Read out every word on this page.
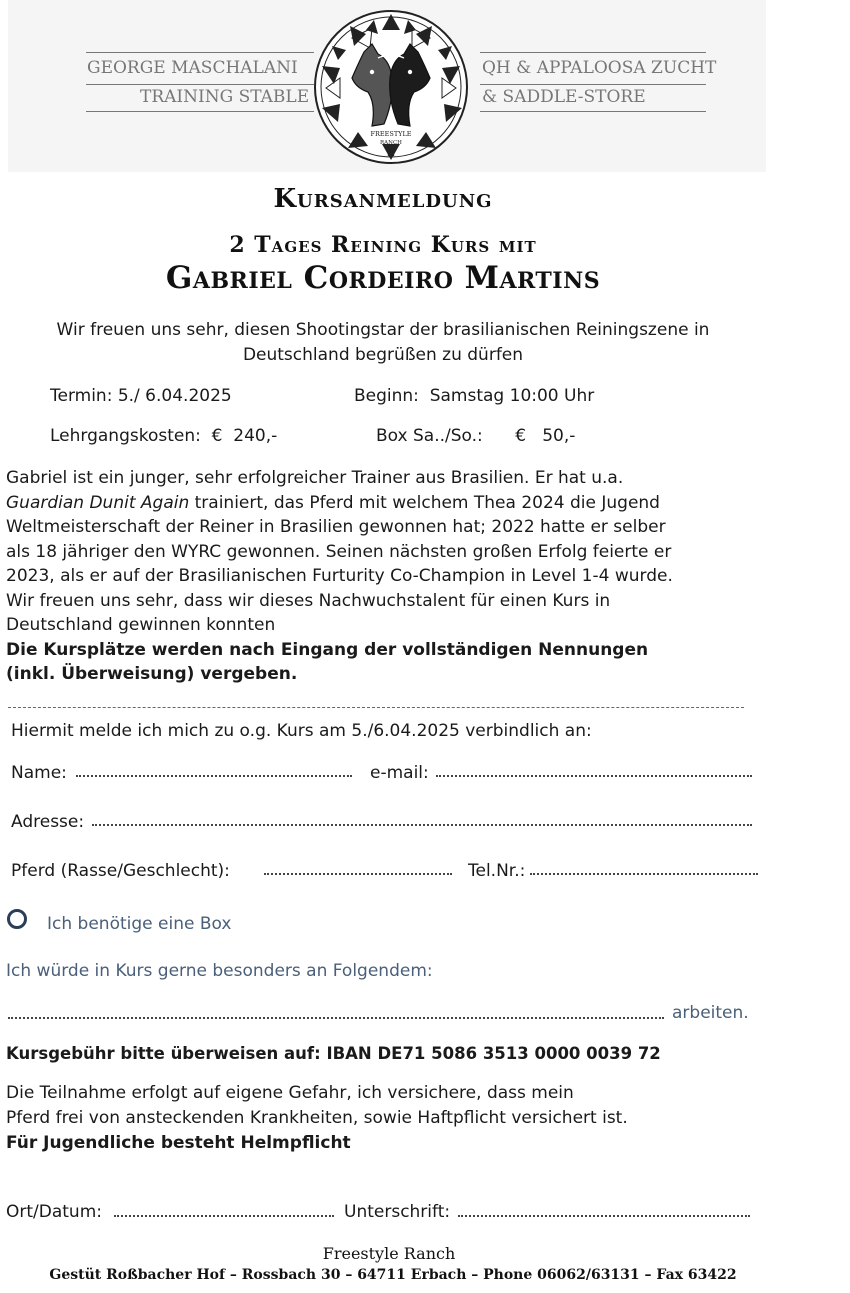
GEORGE MASCHALANI
TRAINING STABLE
QH & APPALOOSA ZUCHT
& SADDLE-STORE
FREESTYLE
RANCH
Ω
Kursanmeldung
2 Tages Reining Kurs mit
Gabriel Cordeiro Martins
Wir freuen uns sehr, diesen Shootingstar der brasilianischen Reiningszene in
Deutschland begrüßen zu dürfen
Termin: 5./ 6.04.2025	Beginn:  Samstag 10:00 Uhr
Lehrgangskosten:  €  240,-	Box Sa../So.:      €   50,-
Gabriel ist ein junger, sehr erfolgreicher Trainer aus Brasilien. Er hat u.a.
Guardian Dunit Again trainiert, das Pferd mit welchem Thea 2024 die Jugend
Weltmeisterschaft der Reiner in Brasilien gewonnen hat; 2022 hatte er selber
als 18 jähriger den WYRC gewonnen. Seinen nächsten großen Erfolg feierte er
2023, als er auf der Brasilianischen Furturity Co-Champion in Level 1-4 wurde.
Wir freuen uns sehr, dass wir dieses Nachwuchstalent für einen Kurs in
Deutschland gewinnen konnten
Die Kursplätze werden nach Eingang der vollständigen Nennungen
(inkl. Überweisung) vergeben.
Hiermit melde ich mich zu o.g. Kurs am 5./6.04.2025 verbindlich an:
Name:	e-mail:
Adresse:
Pferd (Rasse/Geschlecht):	Tel.Nr.:
Ich benötige eine Box
Ich würde in Kurs gerne besonders an Folgendem:
arbeiten.
Kursgebühr bitte überweisen auf: IBAN DE71 5086 3513 0000 0039 72
Die Teilnahme erfolgt auf eigene Gefahr, ich versichere, dass mein
Pferd frei von ansteckenden Krankheiten, sowie Haftpflicht versichert ist.
Für Jugendliche besteht Helmpflicht
Ort/Datum:	Unterschrift:
Freestyle Ranch
Gestüt Roßbacher Hof – Rossbach 30 – 64711 Erbach – Phone 06062/63131 – Fax 63422
